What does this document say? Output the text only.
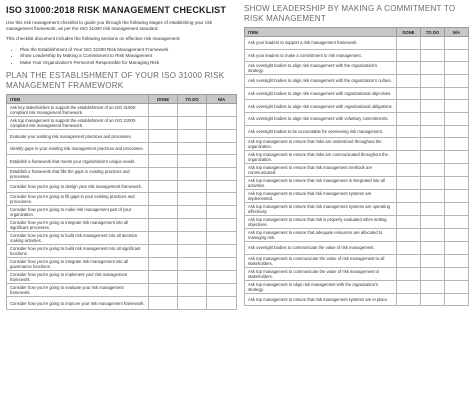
ISO 31000:2018 RISK MANAGEMENT CHECKLIST

Use this risk management checklist to guide you through the following stages of establishing your risk management framework, as per the ISO 31000 risk management standard.

This checklist document includes the following sections on effective risk management:

• Plan the Establishment of Your ISO 31000 Risk Management Framework
• Show Leadership by Making a Commitment to Risk Management
• Make Your Organization's Personnel Responsible for Managing Risk
PLAN THE ESTABLISHMENT OF YOUR ISO 31000 RISK MANAGEMENT FRAMEWORK
ITEM	DONE	TO DO	N/A
Ask key stakeholders to support the establishment of an ISO 31000-compliant risk management framework.			
Ask top management to support the establishment of an ISO 31000-compliant risk management framework.			
Evaluate your existing risk management practices and processes.			
Identify gaps in your existing risk management practices and processes.			
Establish a framework that meets your organization's unique needs.			
Establish a framework that fills the gaps in existing practices and processes.			
Consider how you're going to design your risk management framework.			
Consider how you're going to fill gaps in your existing practices and procedures.			
Consider how you're going to make risk management part of your organization.			
Consider how you're going to integrate risk management into all significant processes.			
Consider how you're going to build risk management into all decision making activities.			
Consider how you're going to build risk management into all significant functions.			
Consider how you're going to integrate risk management into all governance functions.			
Consider how you're going to implement your risk management framework.			
Consider how you're going to evaluate your risk management framework.			
Consider how you're going to improve your risk management framework.			
SHOW LEADERSHIP BY MAKING A COMMITMENT TO RISK MANAGEMENT
ITEM	DONE	TO DO	N/A
Ask your leaders to support a risk management framework.			
Ask your leaders to make a commitment to risk management.			
Ask oversight bodies to align risk management with the organization's strategy.			
Ask oversight bodies to align risk management with the organization's culture.			
Ask oversight bodies to align risk management with organizational objectives.			
Ask oversight bodies to align risk management with organizational obligations.			
Ask oversight bodies to align risk management with voluntary commitments.			
Ask oversight bodies to be accountable for overseeing risk management.			
Ask top management to ensure that risks are understood throughout the organization.			
Ask top management to ensure that risks are communicated throughout the organization.			
Ask top management to ensure that risk management methods are communicated.			
Ask top management to ensure that risk management is integrated into all activities.			
Ask top management to ensure that risk management systems are implemented.			
Ask top management to ensure that risk management systems are operating effectively.			
Ask top management to ensure that risk is properly evaluated when setting objectives.			
Ask top management to ensure that adequate resources are allocated to managing risk.			
Ask oversight bodies to communicate the value of risk management.			
Ask top management to communicate the value of risk management to all stakeholders.			
Ask top management to communicate the value of risk management to stakeholders.			
Ask top management to align risk management with the organization's strategy.			
Ask top management to ensure that risk management systems are in place.			
